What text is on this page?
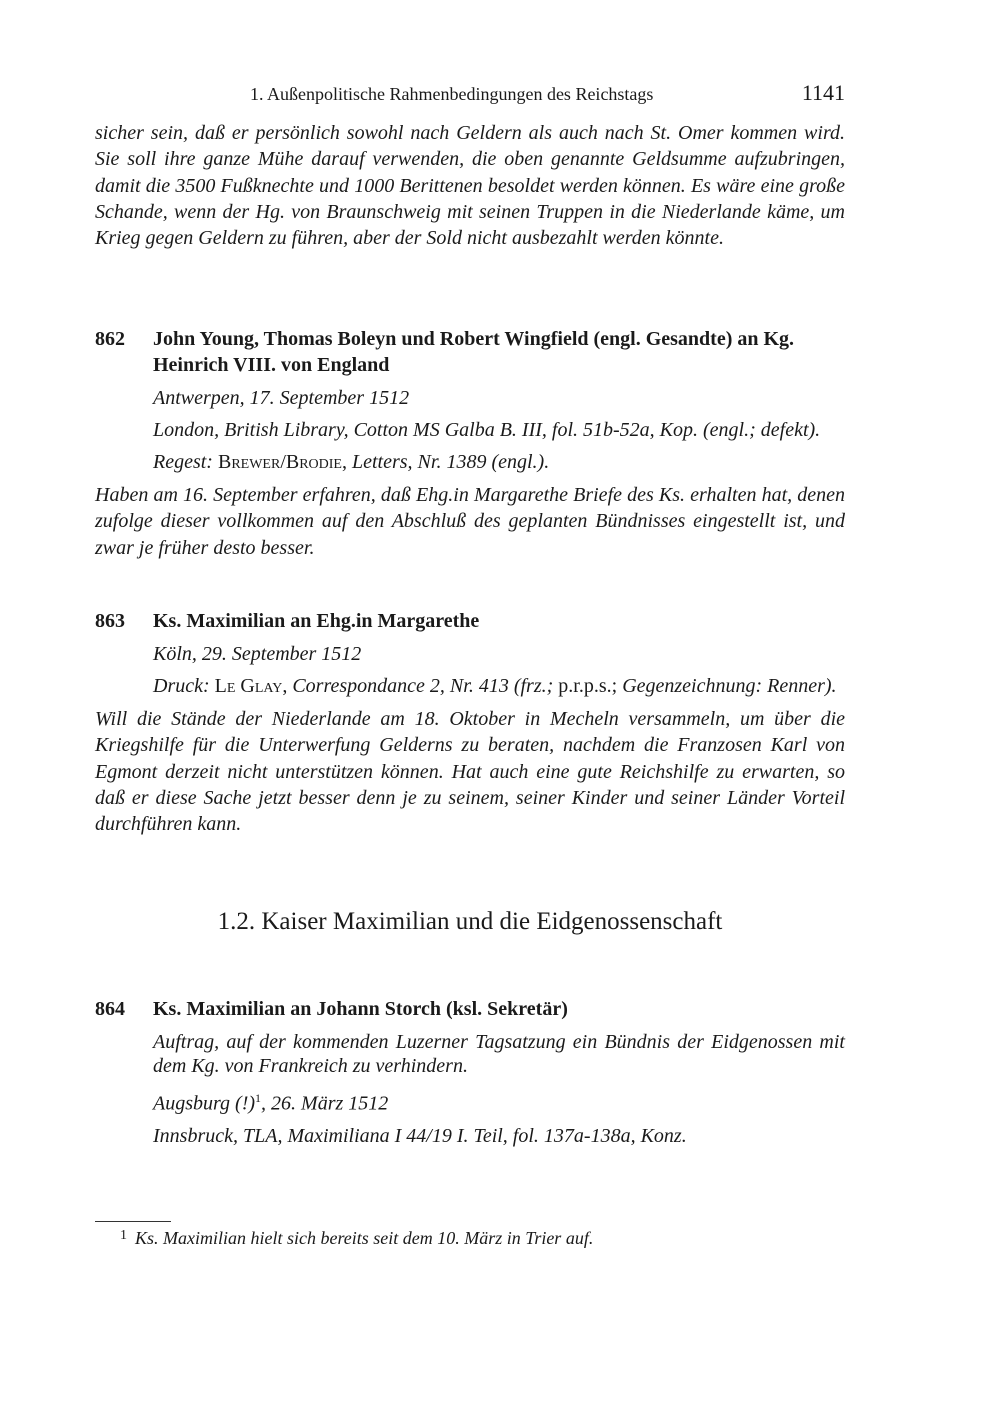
1. Außenpolitische Rahmenbedingungen des Reichstags	1141

sicher sein, daß er persönlich sowohl nach Geldern als auch nach St. Omer kommen wird. Sie soll ihre ganze Mühe darauf verwenden, die oben genannte Geldsumme aufzubringen, damit die 3500 Fußknechte und 1000 Berittenen besoldet werden können. Es wäre eine große Schande, wenn der Hg. von Braunschweig mit seinen Truppen in die Niederlande käme, um Krieg gegen Geldern zu führen, aber der Sold nicht ausbezahlt werden könnte.

862	John Young, Thomas Boleyn und Robert Wingfield (engl. Gesandte) an Kg. Heinrich VIII. von England
Antwerpen, 17. September 1512
London, British Library, Cotton MS Galba B. III, fol. 51b-52a, Kop. (engl.; defekt).
Regest: Brewer/Brodie, Letters, Nr. 1389 (engl.).

Haben am 16. September erfahren, daß Ehg.in Margarethe Briefe des Ks. erhalten hat, denen zufolge dieser vollkommen auf den Abschluß des geplanten Bündnisses eingestellt ist, und zwar je früher desto besser.

863	Ks. Maximilian an Ehg.in Margarethe
Köln, 29. September 1512
Druck: Le Glay, Correspondance 2, Nr. 413 (frz.; p.r.p.s.; Gegenzeichnung: Renner).

Will die Stände der Niederlande am 18. Oktober in Mecheln versammeln, um über die Kriegshilfe für die Unterwerfung Gelderns zu beraten, nachdem die Franzosen Karl von Egmont derzeit nicht unterstützen können. Hat auch eine gute Reichshilfe zu erwarten, so daß er diese Sache jetzt besser denn je zu seinem, seiner Kinder und seiner Länder Vorteil durchführen kann.

1.2. Kaiser Maximilian und die Eidgenossenschaft
864	Ks. Maximilian an Johann Storch (ksl. Sekretär)
Auftrag, auf der kommenden Luzerner Tagsatzung ein Bündnis der Eidgenossen mit dem Kg. von Frankreich zu verhindern.
Augsburg (!)$^1$, 26. März 1512
Innsbruck, TLA, Maximiliana I 44/19 I. Teil, fol. 137a-138a, Konz.
$^1$ Ks. Maximilian hielt sich bereits seit dem 10. März in Trier auf.
